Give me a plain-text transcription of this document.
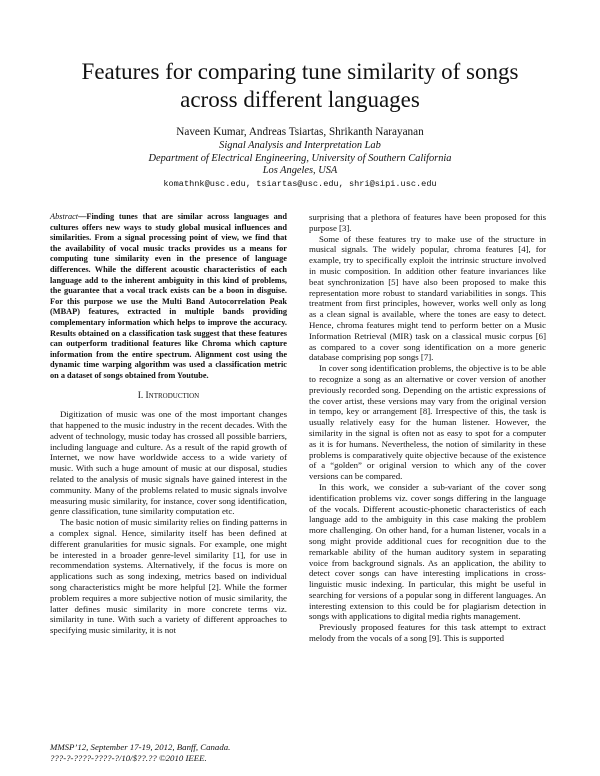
Features for comparing tune similarity of songs
across different languages
Naveen Kumar, Andreas Tsiartas, Shrikanth Narayanan
Signal Analysis and Interpretation Lab
Department of Electrical Engineering, University of Southern California
Los Angeles, USA
komathnk@usc.edu, tsiartas@usc.edu, shri@sipi.usc.edu
Abstract—Finding tunes that are similar across languages and cultures offers new ways to study global musical influences and similarities. From a signal processing point of view, we find that the availability of vocal music tracks provides us a means for computing tune similarity even in the presence of language differences. While the different acoustic characteristics of each language add to the inherent ambiguity in this kind of problems, the guarantee that a vocal track exists can be a boon in disguise. For this purpose we use the Multi Band Autocorrelation Peak (MBAP) features, extracted in multiple bands providing complementary information which helps to improve the accuracy. Results obtained on a classification task suggest that these features can outperform traditional features like Chroma which capture information from the entire spectrum. Alignment cost using the dynamic time warping algorithm was used a classification metric on a dataset of songs obtained from Youtube.
I. Introduction

Digitization of music was one of the most important changes that happened to the music industry in the recent decades. With the advent of technology, music today has crossed all possible barriers, including language and culture. As a result of the rapid growth of Internet, we now have worldwide access to a wide variety of music. With such a huge amount of music at our disposal, studies related to the analysis of music signals have gained interest in the community. Many of the problems related to music signals involve measuring music similarity, for instance, cover song identification, genre classification, tune similarity computation etc.

The basic notion of music similarity relies on finding patterns in a complex signal. Hence, similarity itself has been defined at different granularities for music signals. For example, one might be interested in a broader genre-level similarity [1], for use in recommendation systems. Alternatively, if the focus is more on applications such as song indexing, metrics based on individual song characteristics might be more helpful [2]. While the former problem requires a more subjective notion of music similarity, the latter defines music similarity in more concrete terms viz. similarity in tune. With such a variety of different approaches to specifying music similarity, it is not

surprising that a plethora of features have been proposed for this purpose [3].

Some of these features try to make use of the structure in musical signals. The widely popular, chroma features [4], for example, try to specifically exploit the intrinsic structure involved in music composition. In addition other feature invariances like beat synchronization [5] have also been proposed to make this representation more robust to standard variabilities in songs. This treatment from first principles, however, works well only as long as a clean signal is available, where the tones are easy to detect. Hence, chroma features might tend to perform better on a Music Information Retrieval (MIR) task on a classical music corpus [6] as compared to a cover song identification on a more generic database comprising pop songs [7].

In cover song identification problems, the objective is to be able to recognize a song as an alternative or cover version of another previously recorded song. Depending on the artistic expressions of the cover artist, these versions may vary from the original version in tempo, key or arrangement [8]. Irrespective of this, the task is usually relatively easy for the human listener. However, the similarity in the signal is often not as easy to spot for a computer as it is for humans. Nevertheless, the notion of similarity in these problems is comparatively quite objective because of the existence of a “golden” or original version to which any of the cover versions can be compared.

In this work, we consider a sub-variant of the cover song identification problems viz. cover songs differing in the language of the vocals. Different acoustic-phonetic characteristics of each language add to the ambiguity in this case making the problem more challenging. On other hand, for a human listener, vocals in a song might provide additional cues for recognition due to the remarkable ability of the human auditory system in separating voice from background signals. As an application, the ability to detect cover songs can have interesting implications in cross-linguistic music indexing. In particular, this might be useful in searching for versions of a popular song in different languages. An interesting extension to this could be for plagiarism detection in songs with applications to digital media rights management.

Previously proposed features for this task attempt to extract melody from the vocals of a song [9]. This is supported

MMSP’12, September 17-19, 2012, Banff, Canada.
???-?-????-????-?/10/$??.?? ©2010 IEEE.
